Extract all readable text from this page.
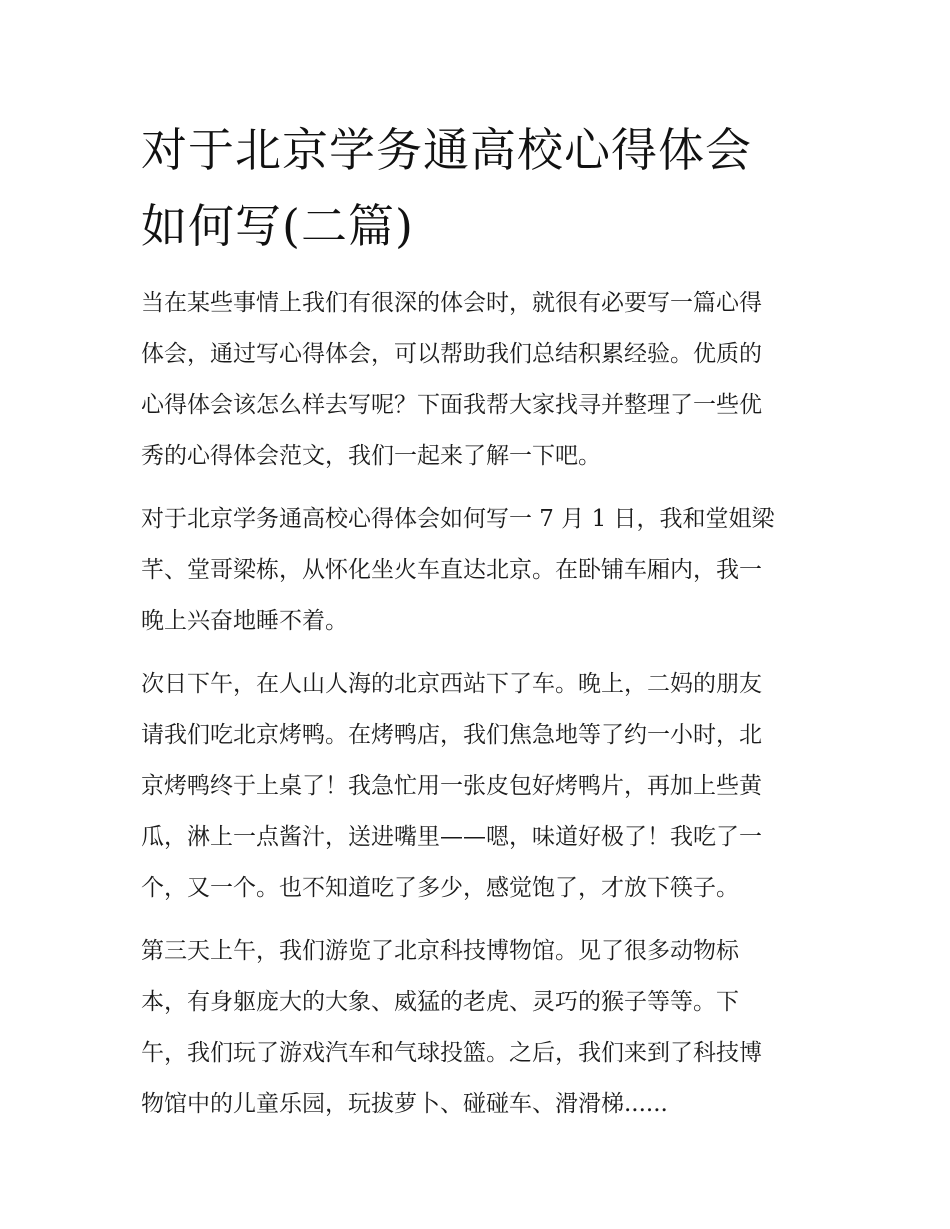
对于北京学务通高校心得体会
如何写(二篇)

当在某些事情上我们有很深的体会时，就很有必要写一篇心得
体会，通过写心得体会，可以帮助我们总结积累经验。优质的
心得体会该怎么样去写呢？下面我帮大家找寻并整理了一些优
秀的心得体会范文，我们一起来了解一下吧。

对于北京学务通高校心得体会如何写一 7 月 1 日，我和堂姐梁
芊、堂哥梁栋，从怀化坐火车直达北京。在卧铺车厢内，我一
晚上兴奋地睡不着。

次日下午，在人山人海的北京西站下了车。晚上，二妈的朋友
请我们吃北京烤鸭。在烤鸭店，我们焦急地等了约一小时，北
京烤鸭终于上桌了！我急忙用一张皮包好烤鸭片，再加上些黄
瓜，淋上一点酱汁，送进嘴里——嗯，味道好极了！我吃了一
个，又一个。也不知道吃了多少，感觉饱了，才放下筷子。

第三天上午，我们游览了北京科技博物馆。见了很多动物标
本，有身躯庞大的大象、威猛的老虎、灵巧的猴子等等。下
午，我们玩了游戏汽车和气球投篮。之后，我们来到了科技博
物馆中的儿童乐园，玩拔萝卜、碰碰车、滑滑梯......
